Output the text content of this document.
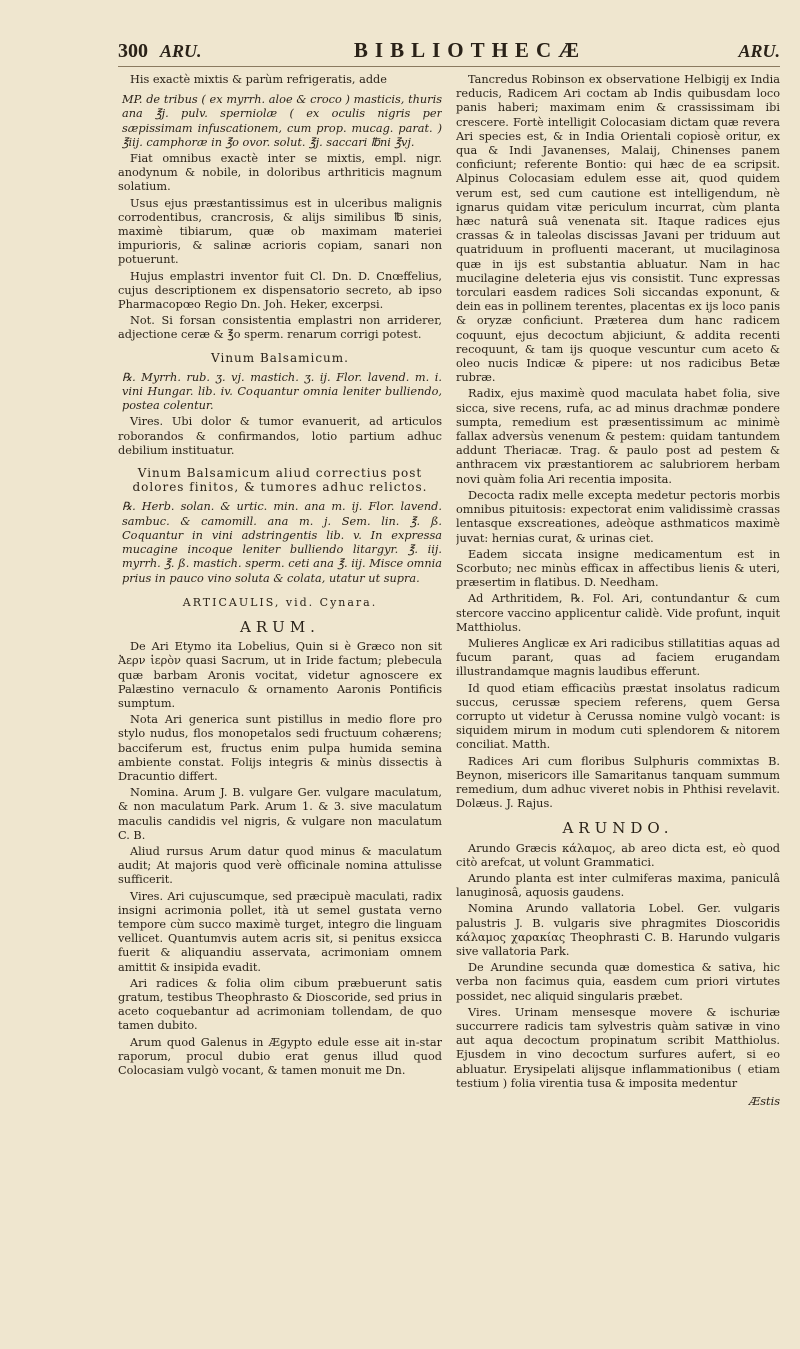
300 ARU.	BIBLIOTHECÆ	ARU.

His exactè mixtis & parùm refrigeratis, adde

MP. de tribus ( ex myrrh. aloe & croco ) masticis, thuris ana ℥j. pulv. sperniolæ ( ex oculis nigris per sæpissimam infuscationem, cum prop. mucag. parat. ) ℥iij. camphoræ in ℥o ovor. solut. ℥j. saccari ℔ni ℥vj.

Fiat omnibus exactè inter se mixtis, empl. nigr. anodynum & nobile, in doloribus arthriticis magnum solatium.

Usus ejus præstantissimus est in ulceribus malignis corrodentibus, crancrosis, & alijs similibus ℔ sinis, maximè tibiarum, quæ ob maximam materiei impurioris, & salinæ acrioris copiam, sanari non potuerunt.

Hujus emplastri inventor fuit Cl. Dn. D. Cnœffelius, cujus descriptionem ex dispensatorio secreto, ab ipso Pharmacopœo Regio Dn. Joh. Heker, excerpsi.

Not. Si forsan consistentia emplastri non arriderer, adjectione ceræ & ℥o sperm. renarum corrigi potest.

Vinum Balsamicum.

℞. Myrrh. rub. ʒ. vj. mastich. ʒ. ij. Flor. lavend. m. i. vini Hungar. lib. iv. Coquantur omnia leniter bulliendo, postea colentur.

Vires. Ubi dolor & tumor evanuerit, ad articulos roborandos & confirmandos, lotio partium adhuc debilium instituatur.

Vinum Balsamicum aliud correctius post dolores finitos, & tumores adhuc relictos.

℞. Herb. solan. & urtic. min. ana m. ij. Flor. lavend. sambuc. & camomill. ana m. j. Sem. lin. ℥. ß. Coquantur in vini adstringentis lib. v. In expressa mucagine incoque leniter bulliendo litargyr. ℥. iij. myrrh. ℥. ß. mastich. sperm. ceti ana ℥. iij. Misce omnia prius in pauco vino soluta & colata, utatur ut supra.

ARTICAULIS, vid. Cynara.
ARUM.

De Ari Etymo ita Lobelius, Quin si è Græco non sit Ἀερν ἱερὸν quasi Sacrum, ut in Iride factum; plebecula quæ barbam Aronis vocitat, videtur agnoscere ex Palæstino vernaculo & ornamento Aaronis Pontificis sumptum.

Nota Ari generica sunt pistillus in medio flore pro stylo nudus, flos monopetalos sedi fructuum cohærens; bacciferum est, fructus enim pulpa humida semina ambiente constat. Folijs integris & minùs dissectis à Dracuntio differt.

Nomina. Arum J. B. vulgare Ger. vulgare maculatum, & non maculatum Park. Arum 1. & 3. sive maculatum maculis candidis vel nigris, & vulgare non maculatum C. B.

Aliud rursus Arum datur quod minus & maculatum audit; At majoris quod verè officinale nomina attulisse sufficerit.

Vires. Ari cujuscumque, sed præcipuè maculati, radix insigni acrimonia pollet, ità ut semel gustata verno tempore cùm succo maximè turget, integro die linguam vellicet. Quantumvis autem acris sit, si penitus exsicca fuerit & aliquandiu asservata, acrimoniam omnem amittit & insipida evadit.

Ari radices & folia olim cibum præbuerunt satis gratum, testibus Theophrasto & Dioscoride, sed prius in aceto coquebantur ad acrimoniam tollendam, de quo tamen dubito.

Arum quod Galenus in Ægypto edule esse ait in-star raporum, procul dubio erat genus illud quod Colocasiam vulgò vocant, & tamen monuit me Dn.

Tancredus Robinson ex observatione Helbigij ex India reducis, Radicem Ari coctam ab Indis quibusdam loco panis haberi; maximam enim & crassissimam ibi crescere. Fortè intelligit Colocasiam dictam quæ revera Ari species est, & in India Orientali copiosè oritur, ex qua & Indi Javanenses, Malaij, Chinenses panem conficiunt; referente Bontio: qui hæc de ea scripsit. Alpinus Colocasiam edulem esse ait, quod quidem verum est, sed cum cautione est intelligendum, nè ignarus quidam vitæ periculum incurrat, cùm planta hæc naturâ suâ venenata sit. Itaque radices ejus crassas & in taleolas discissas Javani per triduum aut quatriduum in profluenti macerant, ut mucilaginosa quæ in ijs est substantia abluatur. Nam in hac mucilagine deleteria ejus vis consistit. Tunc expressas torculari easdem radices Soli siccandas exponunt, & dein eas in pollinem terentes, placentas ex ijs loco panis & oryzæ conficiunt. Præterea dum hanc radicem coquunt, ejus decoctum abjiciunt, & addita recenti recoquunt, & tam ijs quoque vescuntur cum aceto & oleo nucis Indicæ & pipere: ut nos radicibus Betæ rubræ.

Radix, ejus maximè quod maculata habet folia, sive sicca, sive recens, rufa, ac ad minus drachmæ pondere sumpta, remedium est præsentissimum ac minimè fallax adversùs venenum & pestem: quidam tantundem addunt Theriacæ. Trag. & paulo post ad pestem & anthracem vix præstantiorem ac salubriorem herbam novi quàm folia Ari recentia imposita.

Decocta radix melle excepta medetur pectoris morbis omnibus pituitosis: expectorat enim validissimè crassas lentasque exscreationes, adeòque asthmaticos maximè juvat: hernias curat, & urinas ciet.

Eadem siccata insigne medicamentum est in Scorbuto; nec minùs efficax in affectibus lienis & uteri, præsertim in flatibus. D. Needham.

Ad Arthritidem, ℞. Fol. Ari, contundantur & cum stercore vaccino applicentur calidè. Vide profunt, inquit Matthiolus.

Mulieres Anglicæ ex Ari radicibus stillatitias aquas ad fucum parant, quas ad faciem erugandam illustrandamque magnis laudibus efferunt.

Id quod etiam efficaciùs præstat insolatus radicum succus, cerussæ speciem referens, quem Gersa corrupto ut videtur à Cerussa nomine vulgò vocant: is siquidem mirum in modum cuti splendorem & nitorem conciliat. Matth.

Radices Ari cum floribus Sulphuris commixtas B. Beynon, misericors ille Samaritanus tanquam summum remedium, dum adhuc viveret nobis in Phthisi revelavit. Dolæus. J. Rajus.

ARUNDO.

Arundo Græcis κάλαμος, ab areo dicta est, eò quod citò arefcat, ut volunt Grammatici.

Arundo planta est inter culmiferas maxima, paniculâ lanuginosâ, aquosis gaudens.

Nomina Arundo vallatoria Lobel. Ger. vulgaris palustris J. B. vulgaris sive phragmites Dioscoridis κάλαμος χαρακίας Theophrasti C. B. Harundo vulgaris sive vallatoria Park.

De Arundine secunda quæ domestica & sativa, hic verba non facimus quia, easdem cum priori virtutes possidet, nec aliquid singularis præbet.

Vires. Urinam mensesque movere & ischuriæ succurrere radicis tam sylvestris quàm sativæ in vino aut aqua decoctum propinatum scribit Matthiolus. Ejusdem in vino decoctum surfures aufert, si eo abluatur. Erysipelati alijsque inflammationibus ( etiam testium ) folia virentia tusa & imposita medentur

Æstis
